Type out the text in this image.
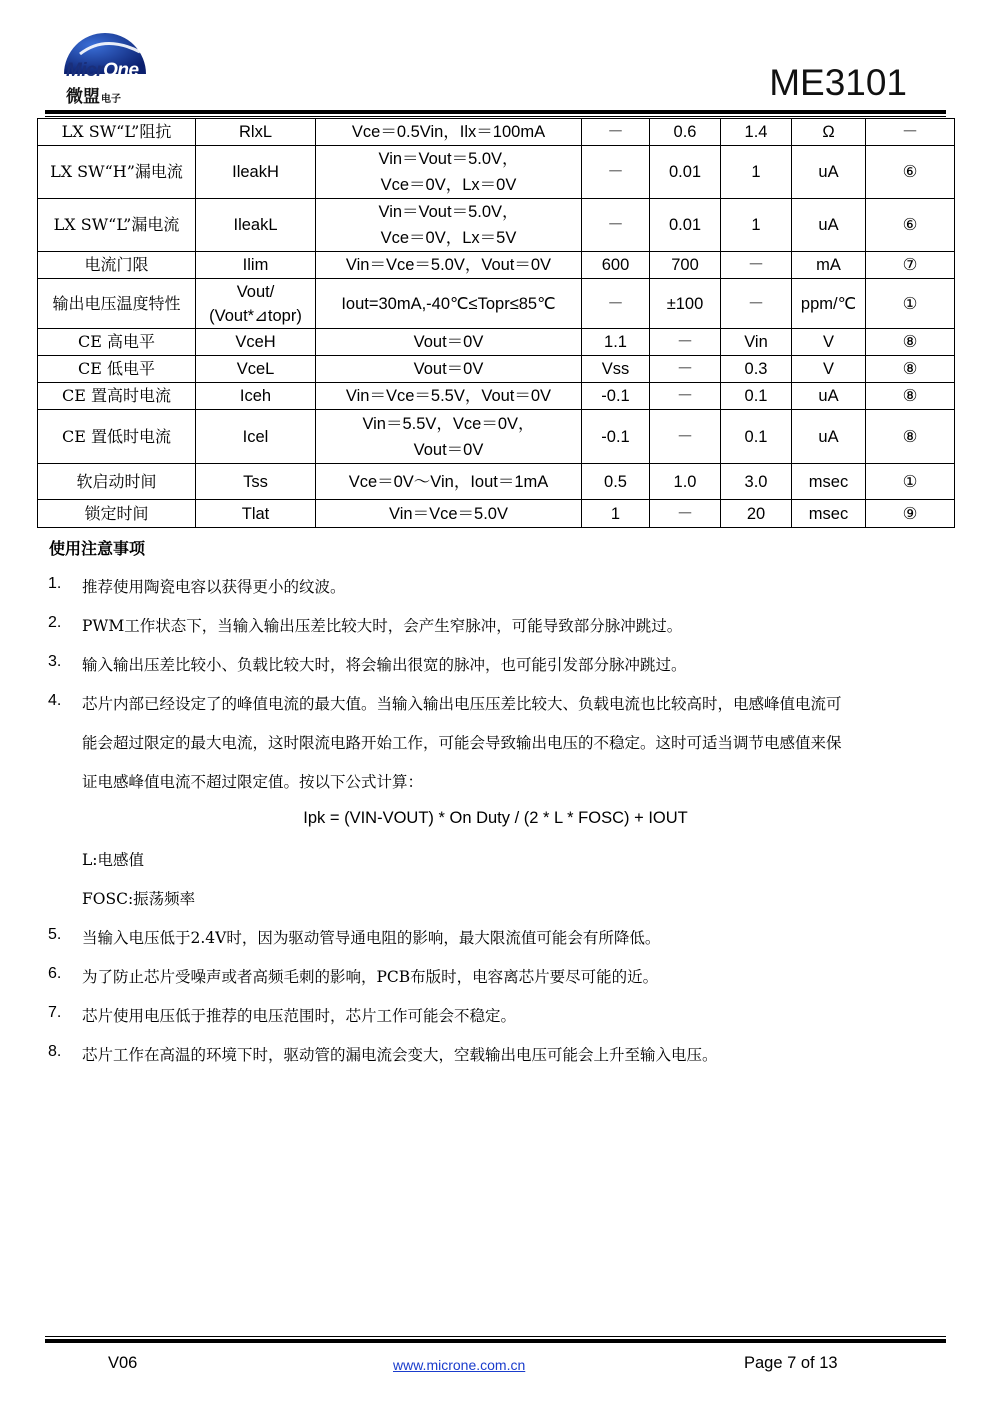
MicrOne
微盟电子	ME3101
LX SW“L”阻抗	RlxL	Vce＝0.5Vin，Ilx＝100mA	－	0.6	1.4	Ω	－
LX SW“H”漏电流	IleakH	Vin＝Vout＝5.0V，
Vce＝0V，Lx＝0V	－	0.01	1	uA	⑥
LX SW“L”漏电流	IleakL	Vin＝Vout＝5.0V，
Vce＝0V，Lx＝5V	－	0.01	1	uA	⑥
电流门限	Ilim	Vin＝Vce＝5.0V，Vout＝0V	600	700	－	mA	⑦
输出电压温度特性	Vout/
(Vout*⊿topr)	Iout=30mA,-40℃≤Topr≤85℃	－	±100	－	ppm/℃	①
CE 高电平	VceH	Vout＝0V	1.1	－	Vin	V	⑧
CE 低电平	VceL	Vout＝0V	Vss	－	0.3	V	⑧
CE 置高时电流	Iceh	Vin＝Vce＝5.5V，Vout＝0V	-0.1	－	0.1	uA	⑧
CE 置低时电流	Icel	Vin＝5.5V，Vce＝0V，
Vout＝0V	-0.1	－	0.1	uA	⑧
软启动时间	Tss	Vce＝0V～Vin，Iout＝1mA	0.5	1.0	3.0	msec	①
锁定时间	Tlat	Vin＝Vce＝5.0V	1	－	20	msec	⑨
使用注意事项
1. 推荐使用陶瓷电容以获得更小的纹波。
2. PWM工作状态下，当输入输出压差比较大时，会产生窄脉冲，可能导致部分脉冲跳过。
3. 输入输出压差比较小、负载比较大时，将会输出很宽的脉冲，也可能引发部分脉冲跳过。
4. 芯片内部已经设定了的峰值电流的最大值。当输入输出电压压差比较大、负载电流也比较高时，电感峰值电流可
能会超过限定的最大电流，这时限流电路开始工作，可能会导致输出电压的不稳定。这时可适当调节电感值来保
证电感峰值电流不超过限定值。按以下公式计算：
Ipk = (VIN-VOUT) * On Duty / (2 * L * FOSC) + IOUT
L:电感值
FOSC:振荡频率
5. 当输入电压低于2.4V时，因为驱动管导通电阻的影响，最大限流值可能会有所降低。
6. 为了防止芯片受噪声或者高频毛刺的影响，PCB布版时，电容离芯片要尽可能的近。
7. 芯片使用电压低于推荐的电压范围时，芯片工作可能会不稳定。
8. 芯片工作在高温的环境下时，驱动管的漏电流会变大，空载输出电压可能会上升至输入电压。
V06	www.microne.com.cn	Page 7 of 13
